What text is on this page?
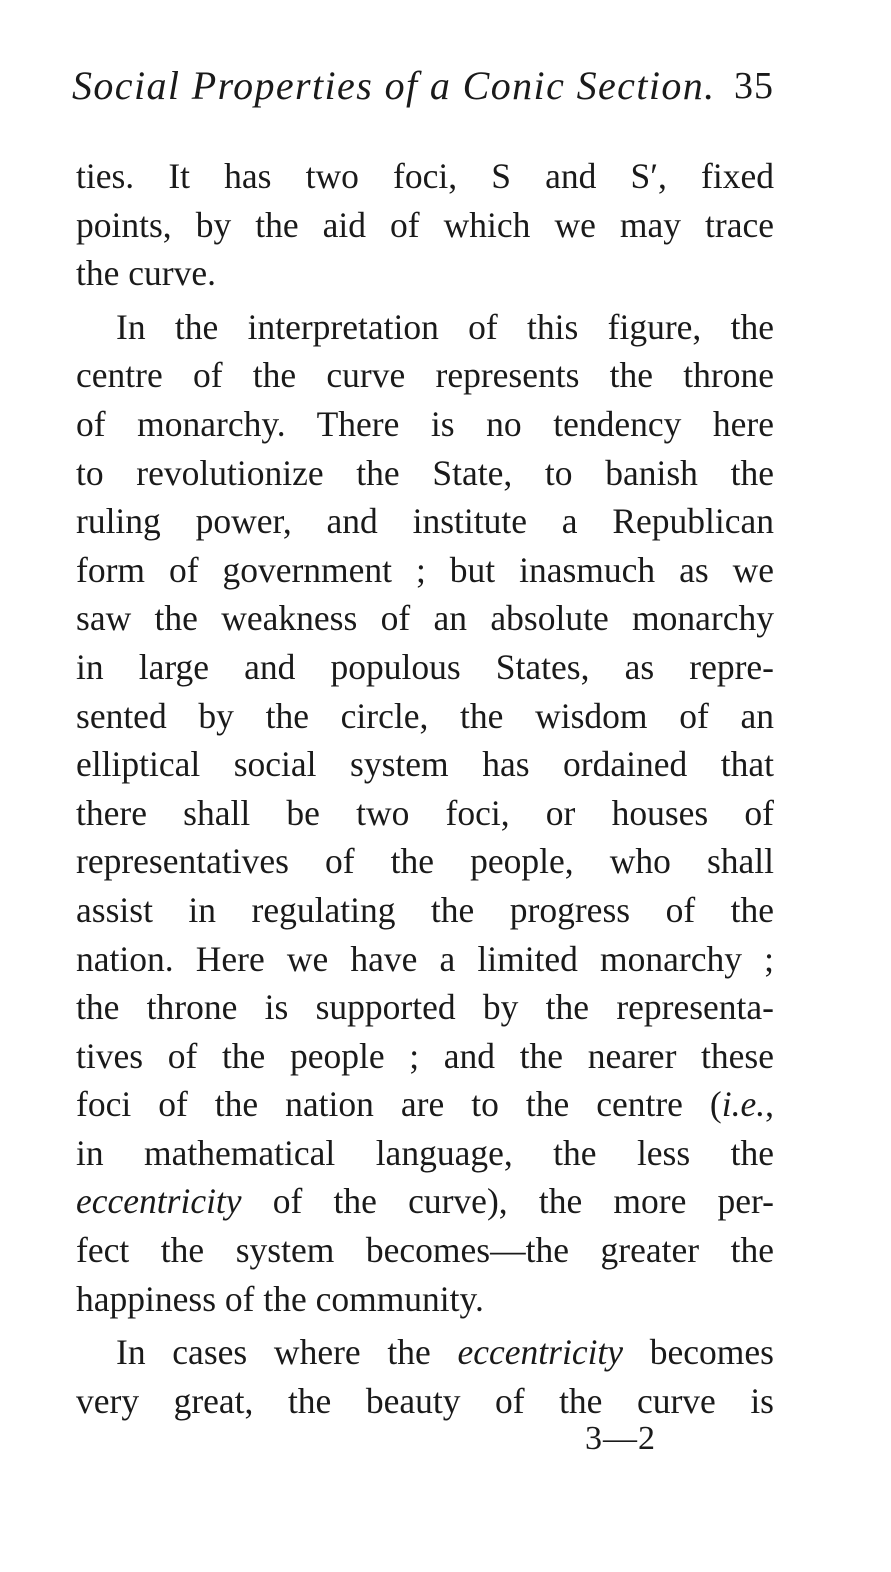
Social Properties of a Conic Section. 35
ties. It has two foci, S and S′, fixed
points, by the aid of which we may trace
the curve.
In the interpretation of this figure, the
centre of the curve represents the throne
of monarchy. There is no tendency here
to revolutionize the State, to banish the
ruling power, and institute a Republican
form of government ; but inasmuch as we
saw the weakness of an absolute monarchy
in large and populous States, as repre-
sented by the circle, the wisdom of an
elliptical social system has ordained that
there shall be two foci, or houses of
representatives of the people, who shall
assist in regulating the progress of the
nation. Here we have a limited monarchy ;
the throne is supported by the representa-
tives of the people ; and the nearer these
foci of the nation are to the centre (i.e.,
in mathematical language, the less the
eccentricity of the curve), the more per-
fect the system becomes—the greater the
happiness of the community.
In cases where the eccentricity becomes
very great, the beauty of the curve is
3—2
